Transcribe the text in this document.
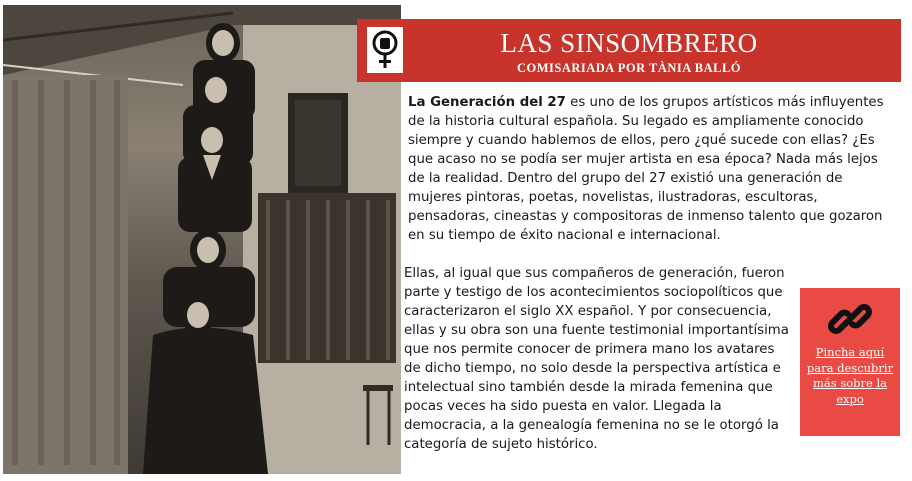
LAS SINSOMBRERO
COMISARIADA POR TÀNIA BALLÓ
La Generación del 27 es uno de los grupos artísticos más influyentes de la historia cultural española. Su legado es ampliamente conocido siempre y cuando hablemos de ellos, pero ¿qué sucede con ellas? ¿Es que acaso no se podía ser mujer artista en esa época? Nada más lejos de la realidad. Dentro del grupo del 27 existió una generación de mujeres pintoras, poetas, novelistas, ilustradoras, escultoras, pensadoras, cineastas y compositoras de inmenso talento que gozaron en su tiempo de éxito nacional e internacional.
Ellas, al igual que sus compañeros de generación, fueron parte y testigo de los acontecimientos sociopolíticos que caracterizaron el siglo XX español. Y por consecuencia, ellas y su obra son una fuente testimonial importantísima que nos permite conocer de primera mano los avatares de dicho tiempo, no solo desde la perspectiva artística e intelectual sino también desde la mirada femenina que pocas veces ha sido puesta en valor. Llegada la democracia, a la genealogía femenina no se le otorgó la categoría de sujeto histórico.
Pincha aquí para descubrir más sobre la expo
